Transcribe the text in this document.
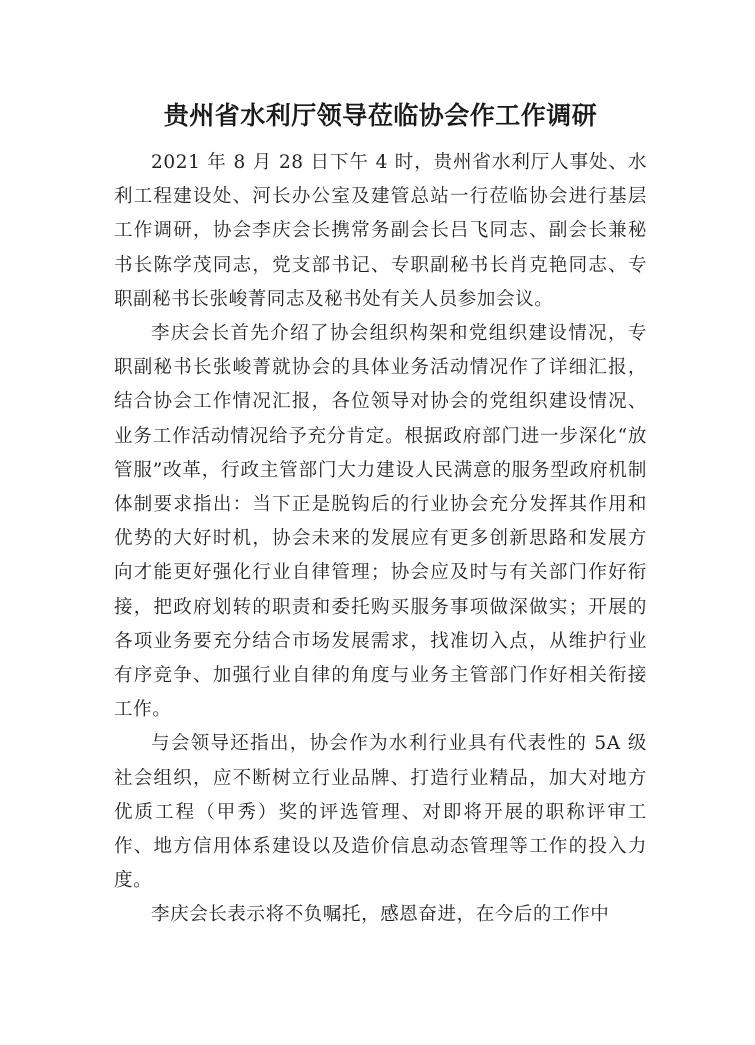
贵州省水利厅领导莅临协会作工作调研

2021 年 8 月 28 日下午 4 时，贵州省水利厅人事处、水利工程建设处、河长办公室及建管总站一行莅临协会进行基层工作调研，协会李庆会长携常务副会长吕飞同志、副会长兼秘书长陈学茂同志，党支部书记、专职副秘书长肖克艳同志、专职副秘书长张峻菁同志及秘书处有关人员参加会议。

李庆会长首先介绍了协会组织构架和党组织建设情况，专职副秘书长张峻菁就协会的具体业务活动情况作了详细汇报，结合协会工作情况汇报，各位领导对协会的党组织建设情况、业务工作活动情况给予充分肯定。根据政府部门进一步深化“放管服”改革，行政主管部门大力建设人民满意的服务型政府机制体制要求指出：当下正是脱钩后的行业协会充分发挥其作用和优势的大好时机，协会未来的发展应有更多创新思路和发展方向才能更好强化行业自律管理；协会应及时与有关部门作好衔接，把政府划转的职责和委托购买服务事项做深做实；开展的各项业务要充分结合市场发展需求，找准切入点，从维护行业有序竞争、加强行业自律的角度与业务主管部门作好相关衔接工作。

与会领导还指出，协会作为水利行业具有代表性的 5A 级社会组织，应不断树立行业品牌、打造行业精品，加大对地方优质工程（甲秀）奖的评选管理、对即将开展的职称评审工作、地方信用体系建设以及造价信息动态管理等工作的投入力度。

李庆会长表示将不负嘱托，感恩奋进，在今后的工作中
